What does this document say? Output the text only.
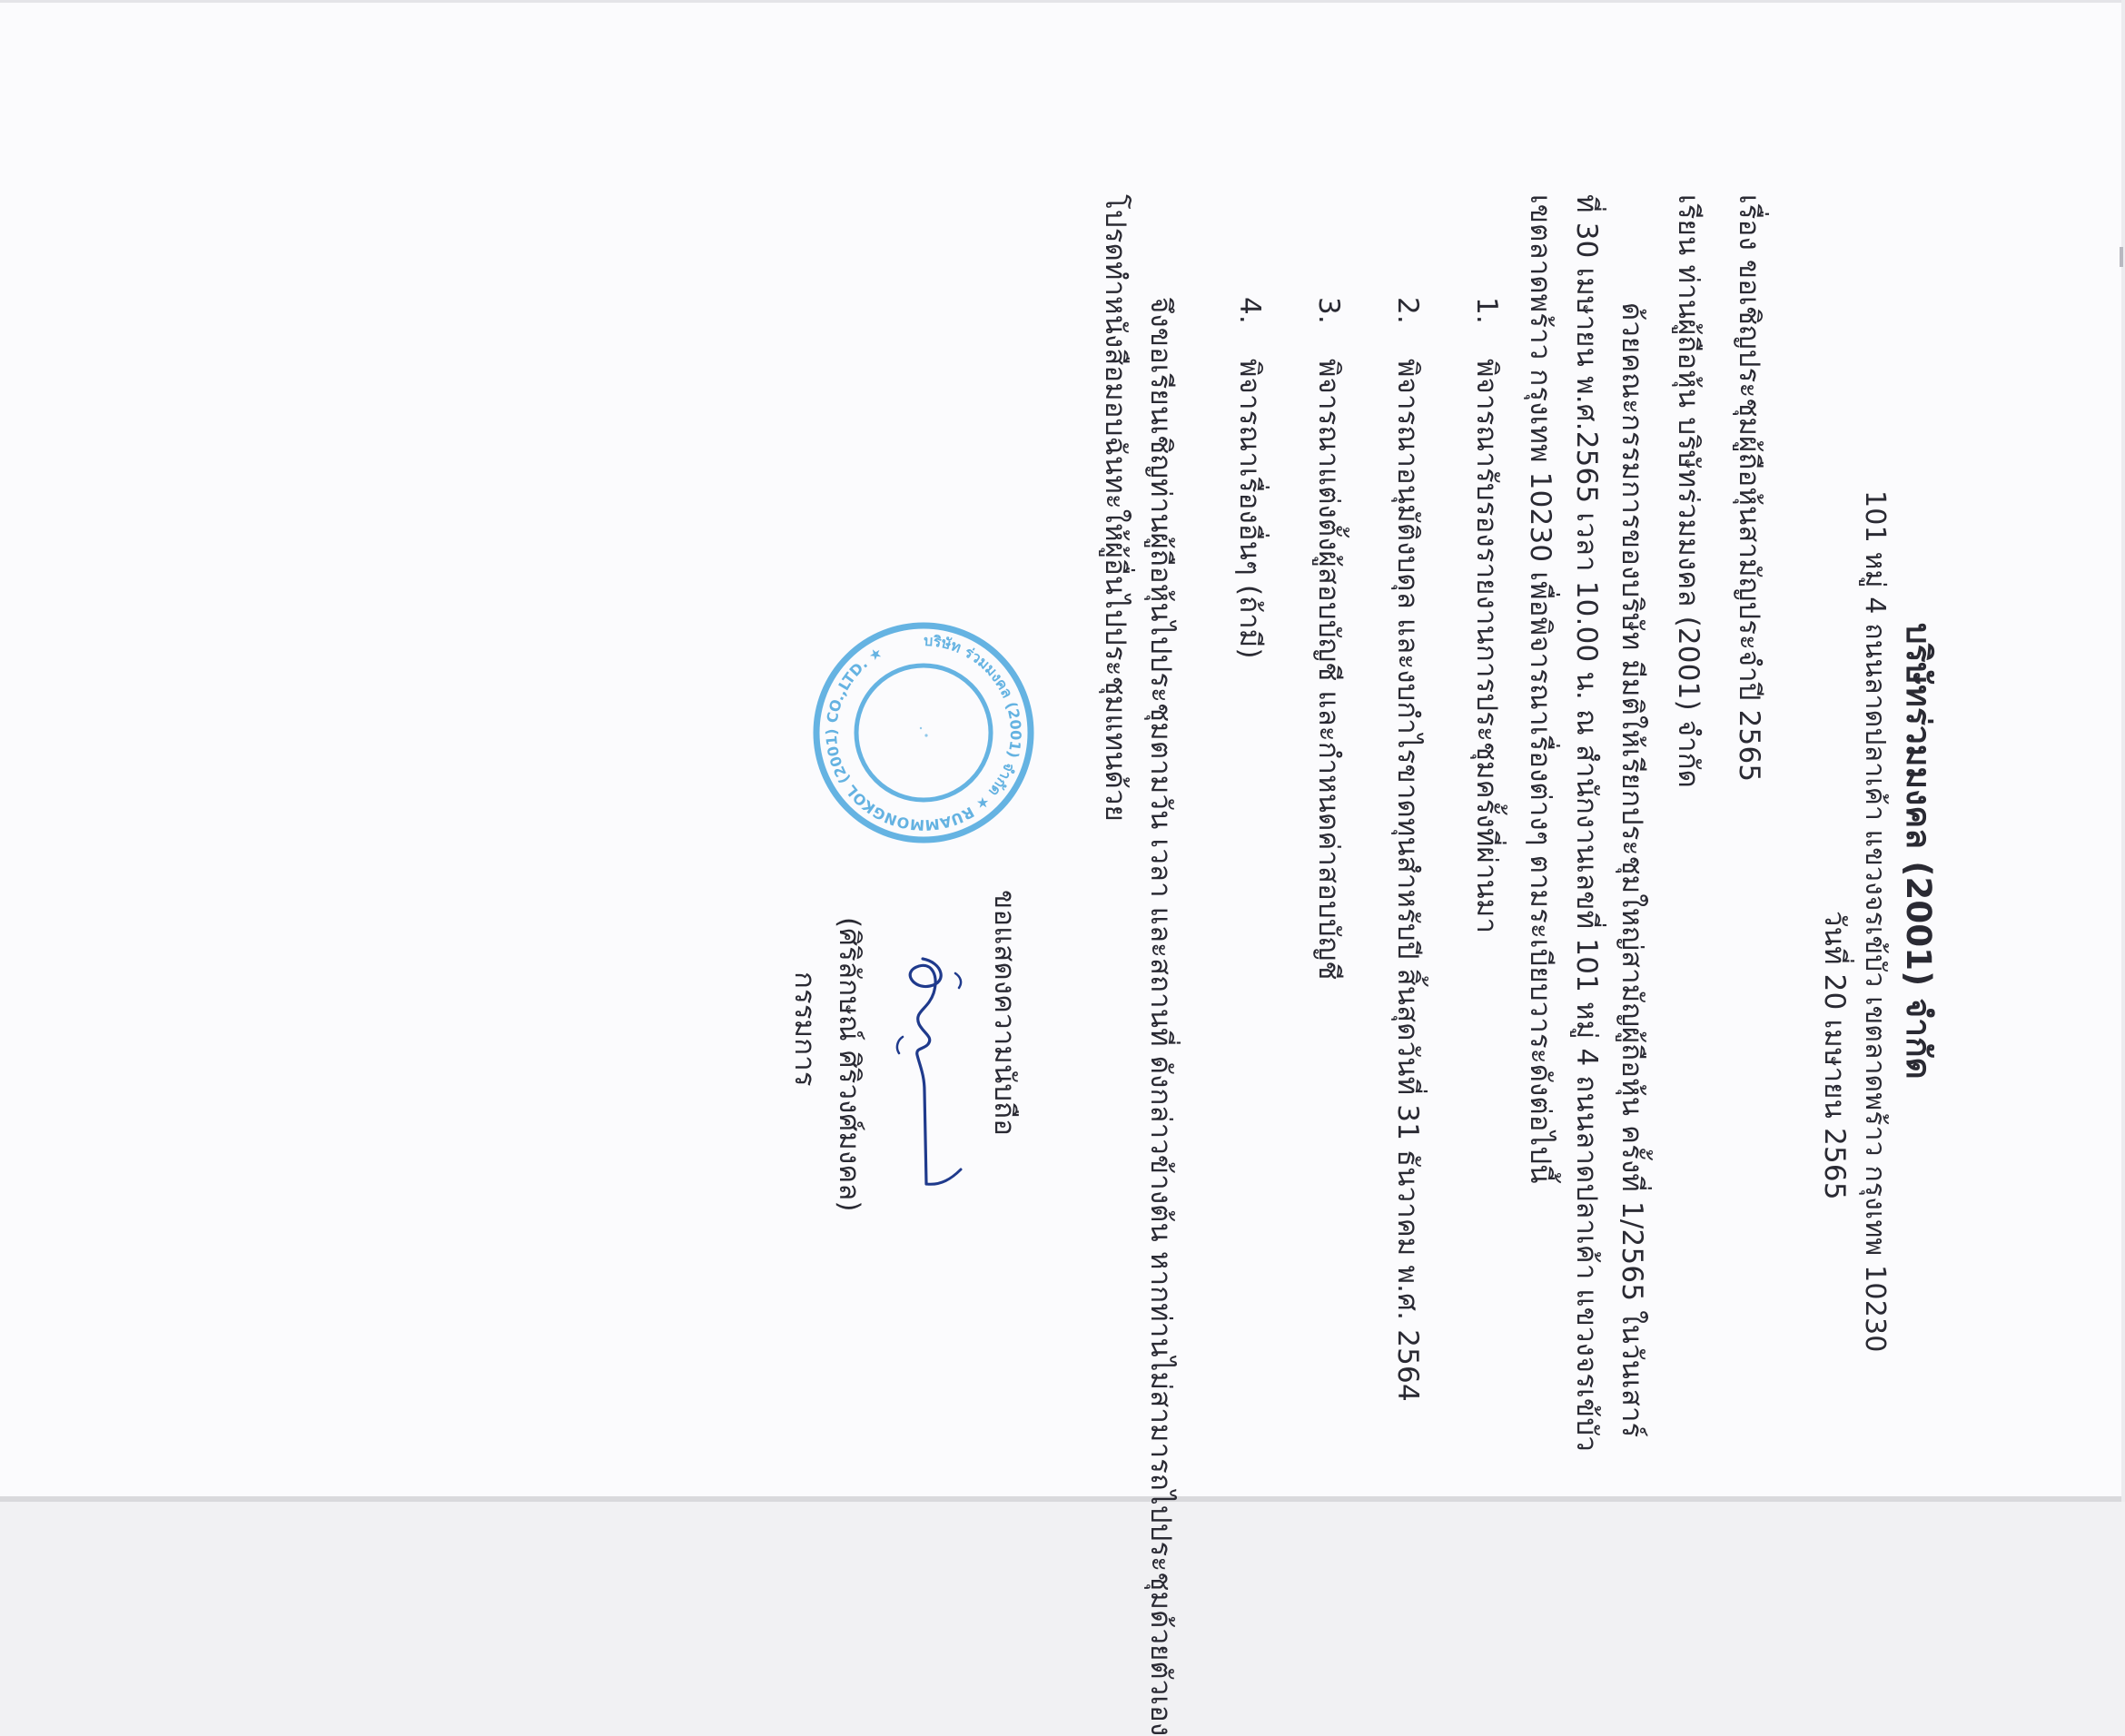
บริษัทร่วมมงคล (2001) จำกัด
101 หมู่ 4 ถนนลาดปลาเค้า แขวงจรเข้บัว เขตลาดพร้าว กรุงเทพ 10230
วันที่ 20 เมษายน 2565
เรื่อง ขอเชิญประชุมผู้ถือหุ้นสามัญประจำปี 2565
เรียน ท่านผู้ถือหุ้น บริษัทร่วมมงคล (2001) จำกัด
ด้วยคณะกรรมการของบริษัท มีมติให้เรียกประชุมใหญ่สามัญผู้ถือหุ้น ครั้งที่ 1/2565 ในวันเสาร์
ที่ 30 เมษายน พ.ศ.2565 เวลา 10.00 น. ณ สำนักงานเลขที่ 101 หมู่ 4 ถนนลาดปลาเค้า แขวงจรเข้บัว
เขตลาดพร้าว กรุงเทพ 10230 เพื่อพิจารณาเรื่องต่างๆ ตามระเบียบวาระดังต่อไปนี้
1.พิจารณารับรองรายงานการประชุมครั้งที่ผ่านมา
2.พิจารณาอนุมัติงบดุล และงบกำไรขาดทุนสำหรับปี สิ้นสุดวันที่ 31 ธันวาคม พ.ศ. 2564
3.พิจารณาแต่งตั้งผู้สอบบัญชี และกำหนดค่าสอบบัญชี
4.พิจารณาเรื่องอื่นๆ (ถ้ามี)
จึงขอเรียนเชิญท่านผู้ถือหุ้นไปประชุมตามวัน เวลา และสถานที่ ดังกล่าวข้างต้น หากท่านไม่สามารถไปประชุมด้วยตัวเอง
โปรดทำหนังสือมอบฉันทะให้ผู้อื่นไปประชุมแทนด้วย
บริษัท ร่วมมงคล (2001) จำกัด ★ RUAMMONGKOL (2001) CO.,LTD. ★
ขอแสดงความนับถือ
(ศิริลักษณ์ ศิริวงศ์มงคล)
กรรมการ
